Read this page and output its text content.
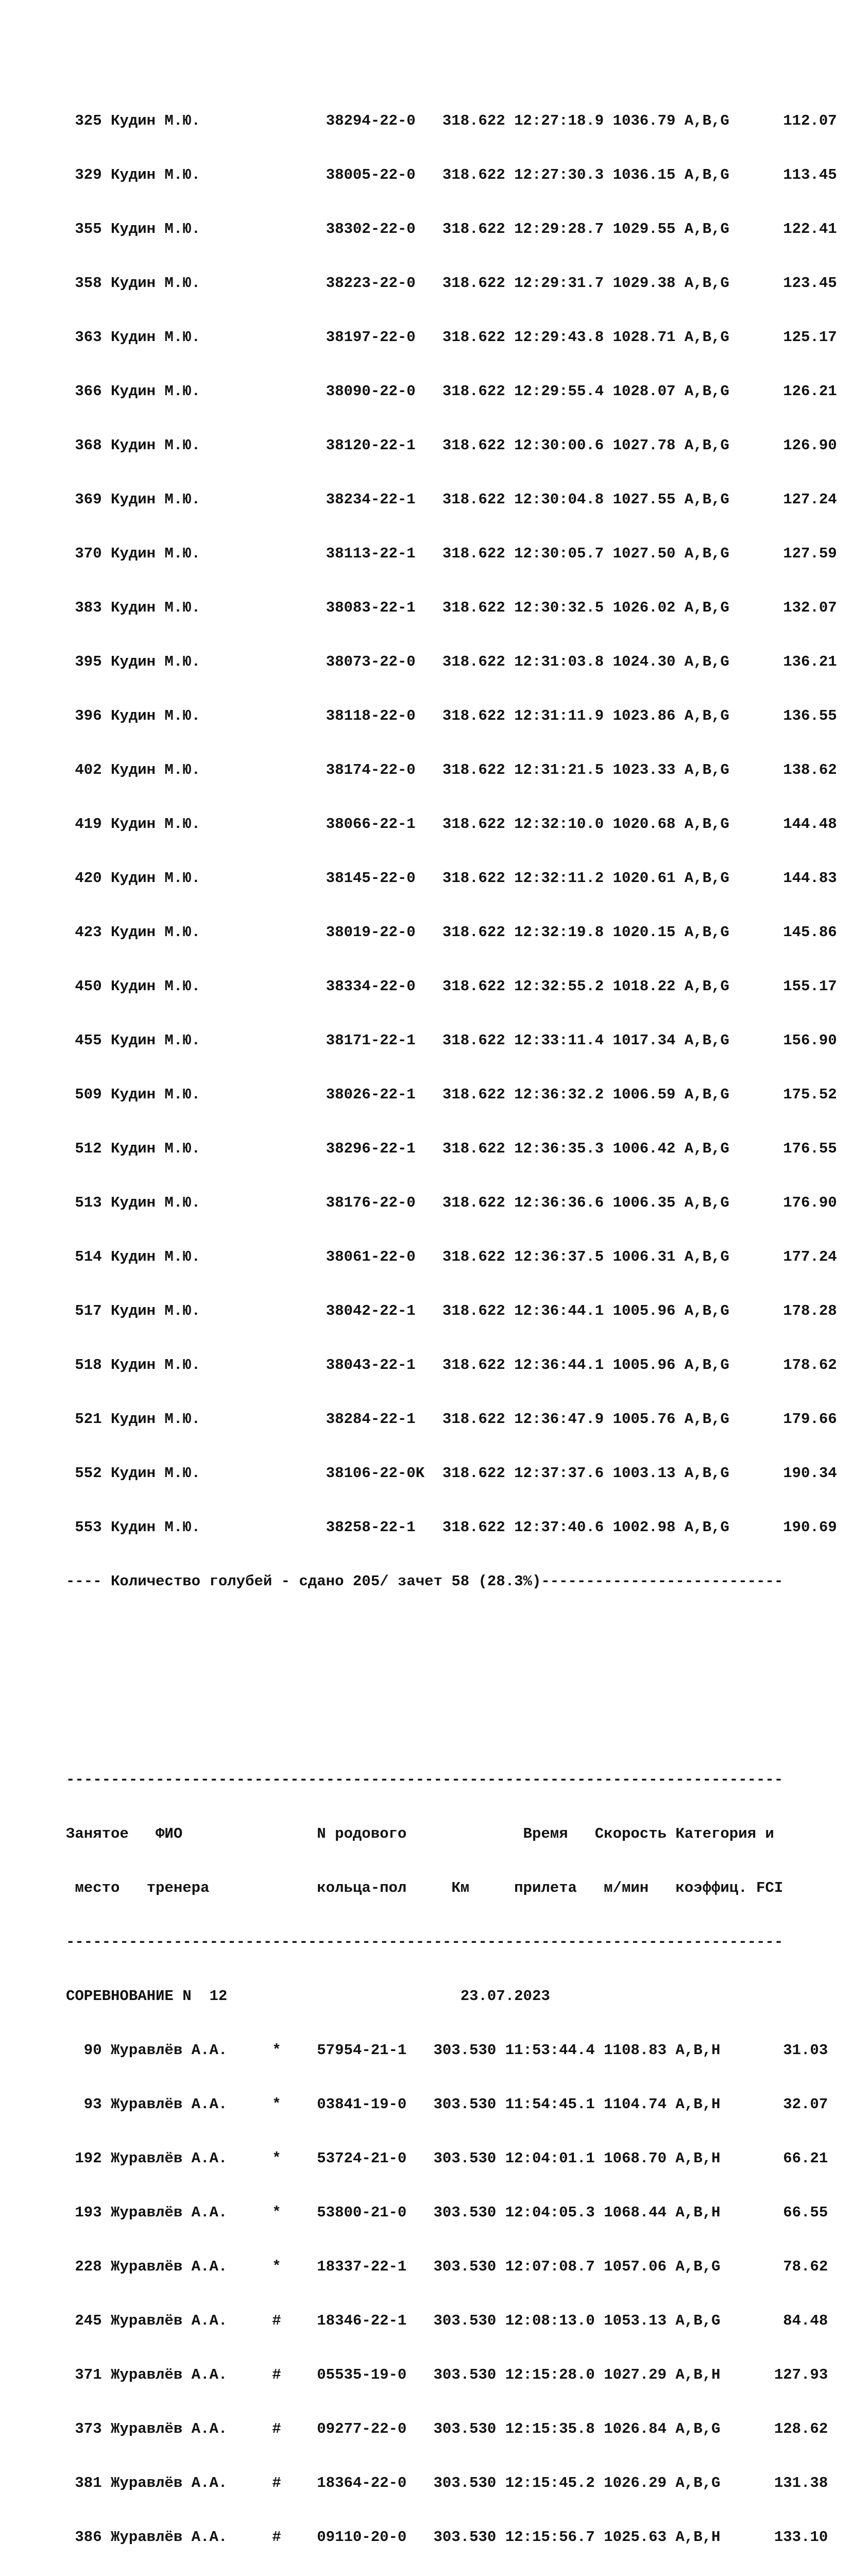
325 Кудин М.Ю.              38294-22-0   318.622 12:27:18.9 1036.79 A,B,G      112.07

329 Кудин М.Ю.              38005-22-0   318.622 12:27:30.3 1036.15 A,B,G      113.45

355 Кудин М.Ю.              38302-22-0   318.622 12:29:28.7 1029.55 A,B,G      122.41

358 Кудин М.Ю.              38223-22-0   318.622 12:29:31.7 1029.38 A,B,G      123.45

363 Кудин М.Ю.              38197-22-0   318.622 12:29:43.8 1028.71 A,B,G      125.17

366 Кудин М.Ю.              38090-22-0   318.622 12:29:55.4 1028.07 A,B,G      126.21

368 Кудин М.Ю.              38120-22-1   318.622 12:30:00.6 1027.78 A,B,G      126.90

369 Кудин М.Ю.              38234-22-1   318.622 12:30:04.8 1027.55 A,B,G      127.24

370 Кудин М.Ю.              38113-22-1   318.622 12:30:05.7 1027.50 A,B,G      127.59

383 Кудин М.Ю.              38083-22-1   318.622 12:30:32.5 1026.02 A,B,G      132.07

395 Кудин М.Ю.              38073-22-0   318.622 12:31:03.8 1024.30 A,B,G      136.21

396 Кудин М.Ю.              38118-22-0   318.622 12:31:11.9 1023.86 A,B,G      136.55

402 Кудин М.Ю.              38174-22-0   318.622 12:31:21.5 1023.33 A,B,G      138.62

419 Кудин М.Ю.              38066-22-1   318.622 12:32:10.0 1020.68 A,B,G      144.48

420 Кудин М.Ю.              38145-22-0   318.622 12:32:11.2 1020.61 A,B,G      144.83

423 Кудин М.Ю.              38019-22-0   318.622 12:32:19.8 1020.15 A,B,G      145.86

450 Кудин М.Ю.              38334-22-0   318.622 12:32:55.2 1018.22 A,B,G      155.17

455 Кудин М.Ю.              38171-22-1   318.622 12:33:11.4 1017.34 A,B,G      156.90

509 Кудин М.Ю.              38026-22-1   318.622 12:36:32.2 1006.59 A,B,G      175.52

512 Кудин М.Ю.              38296-22-1   318.622 12:36:35.3 1006.42 A,B,G      176.55

513 Кудин М.Ю.              38176-22-0   318.622 12:36:36.6 1006.35 A,B,G      176.90

514 Кудин М.Ю.              38061-22-0   318.622 12:36:37.5 1006.31 A,B,G      177.24

517 Кудин М.Ю.              38042-22-1   318.622 12:36:44.1 1005.96 A,B,G      178.28

518 Кудин М.Ю.              38043-22-1   318.622 12:36:44.1 1005.96 A,B,G      178.62

521 Кудин М.Ю.              38284-22-1   318.622 12:36:47.9 1005.76 A,B,G      179.66

552 Кудин М.Ю.              38106-22-0K  318.622 12:37:37.6 1003.13 A,B,G      190.34

553 Кудин М.Ю.              38258-22-1   318.622 12:37:40.6 1002.98 A,B,G      190.69

---- Количество голубей - сдано 205/ зачет 58 (28.3%)---------------------------

--------------------------------------------------------------------------------

Занятое   ФИО               N родового             Время   Скорость Категория и

место   тренера            кольца-пол     Км     прилета   м/мин   коэффиц. FCI

--------------------------------------------------------------------------------

СОРЕВНОВАНИЕ N  12                          23.07.2023

90 Журавлёв А.А.     *    57954-21-1   303.530 11:53:44.4 1108.83 A,B,H       31.03

93 Журавлёв А.А.     *    03841-19-0   303.530 11:54:45.1 1104.74 A,B,H       32.07

192 Журавлёв А.А.     *    53724-21-0   303.530 12:04:01.1 1068.70 A,B,H       66.21

193 Журавлёв А.А.     *    53800-21-0   303.530 12:04:05.3 1068.44 A,B,H       66.55

228 Журавлёв А.А.     *    18337-22-1   303.530 12:07:08.7 1057.06 A,B,G       78.62

245 Журавлёв А.А.     #    18346-22-1   303.530 12:08:13.0 1053.13 A,B,G       84.48

371 Журавлёв А.А.     #    05535-19-0   303.530 12:15:28.0 1027.29 A,B,H      127.93

373 Журавлёв А.А.     #    09277-22-0   303.530 12:15:35.8 1026.84 A,B,G      128.62

381 Журавлёв А.А.     #    18364-22-0   303.530 12:15:45.2 1026.29 A,B,G      131.38

386 Журавлёв А.А.     #    09110-20-0   303.530 12:15:56.7 1025.63 A,B,H      133.10
